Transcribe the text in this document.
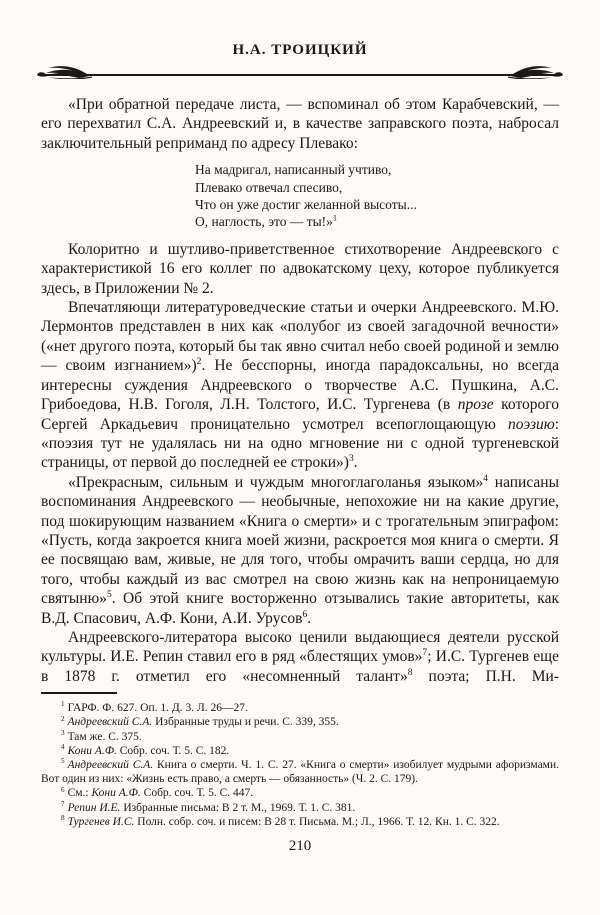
Н.А. ТРОИЦКИЙ

«При обратной передаче листа, — вспоминал об этом Карабчевский, — его перехватил С.А. Андреевский и, в качестве заправского поэта, набросал заключительный реприманд по адресу Плевако:

На мадригал, написанный учтиво,
Плевако отвечал спесиво,
Что он уже достиг желанной высоты...
О, наглость, это — ты!»$^1$

Колоритно и шутливо-приветственное стихотворение Андреевского с характеристикой 16 его коллег по адвокатскому цеху, которое публикуется здесь, в Приложении № 2.

Впечатляющи литературоведческие статьи и очерки Андреевского. М.Ю. Лермонтов представлен в них как «полубог из своей загадочной вечности» («нет другого поэта, который бы так явно считал небо своей родиной и землю — своим изгнанием»)$^2$. Не бесспорны, иногда парадоксальны, но всегда интересны суждения Андреевского о творчестве А.С. Пушкина, А.С. Грибоедова, Н.В. Гоголя, Л.Н. Толстого, И.С. Тургенева (в прозе которого Сергей Аркадьевич проницательно усмотрел всепоглощающую поэзию: «поэзия тут не удалялась ни на одно мгновение ни с одной тургеневской страницы, от первой до последней ее строки»)$^3$.

«Прекрасным, сильным и чуждым многоглаголанья языком»$^4$ написаны воспоминания Андреевского — необычные, непохожие ни на какие другие, под шокирующим названием «Книга о смерти» и с трогательным эпиграфом: «Пусть, когда закроется книга моей жизни, раскроется моя книга о смерти. Я ее посвящаю вам, живые, не для того, чтобы омрачить ваши сердца, но для того, чтобы каждый из вас смотрел на свою жизнь как на непроницаемую святыню»$^5$. Об этой книге восторженно отзывались такие авторитеты, как В.Д. Спасович, А.Ф. Кони, А.И. Урусов$^6$.

Андреевского-литератора высоко ценили выдающиеся деятели русской культуры. И.Е. Репин ставил его в ряд «блестящих умов»$^7$; И.С. Тургенев еще в 1878 г. отметил его «несомненный талант»$^8$ поэта; П.Н. Ми-

$^1$ ГАРФ. Ф. 627. Оп. 1. Д. 3. Л. 26—27.

$^2$ Андреевский С.А. Избранные труды и речи. С. 339, 355.

$^3$ Там же. С. 375.

$^4$ Кони А.Ф. Собр. соч. Т. 5. С. 182.

$^5$ Андреевский С.А. Книга о смерти. Ч. 1. С. 27. «Книга о смерти» изобилует мудрыми афоризмами. Вот один из них: «Жизнь есть право, а смерть — обязанность» (Ч. 2. С. 179).

$^6$ См.: Кони А.Ф. Собр. соч. Т. 5. С. 447.

$^7$ Репин И.Е. Избранные письма: В 2 т. М., 1969. Т. 1. С. 381.

$^8$ Тургенев И.С. Полн. собр. соч. и писем: В 28 т. Письма. М.; Л., 1966. Т. 12. Кн. 1. С. 322.

210
